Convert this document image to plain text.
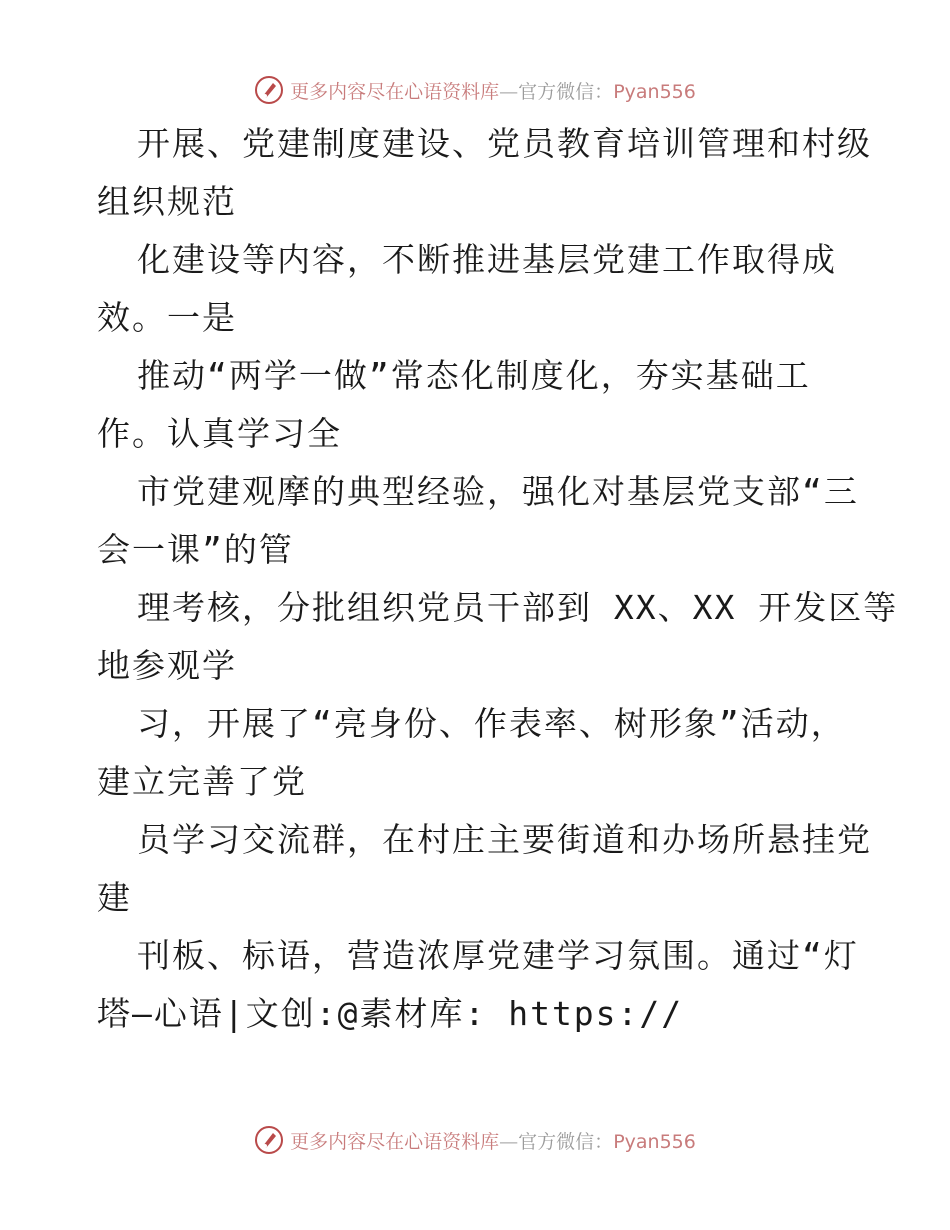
更多内容尽在心语资料库—官方微信：Pyan556
开展、党建制度建设、党员教育培训管理和村级
组织规范
化建设等内容，不断推进基层党建工作取得成
效。一是
推动“两学一做”常态化制度化，夯实基础工
作。认真学习全
市党建观摩的典型经验，强化对基层党支部“三
会一课”的管
理考核，分批组织党员干部到 XX、XX 开发区等
地参观学
习，开展了“亮身份、作表率、树形象”活动，
建立完善了党
员学习交流群，在村庄主要街道和办场所悬挂党
建
刊板、标语，营造浓厚党建学习氛围。通过“灯
塔—心语|文创:@素材库: https://
更多内容尽在心语资料库—官方微信：Pyan556
